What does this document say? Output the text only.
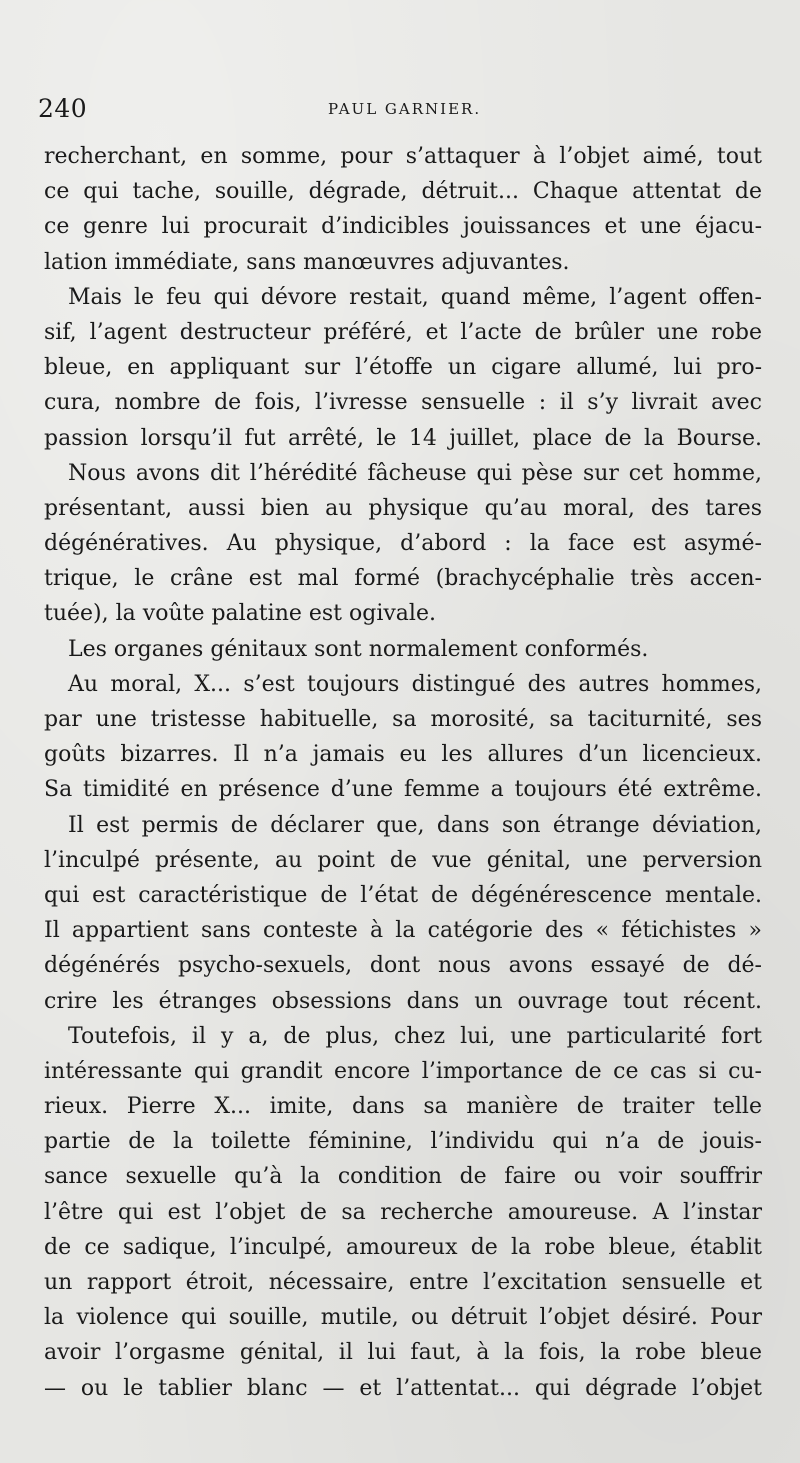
240	PAUL GARNIER.
recherchant, en somme, pour s’attaquer à l’objet aimé, tout
ce qui tache, souille, dégrade, détruit... Chaque attentat de
ce genre lui procurait d’indicibles jouissances et une éjacu-
lation immédiate, sans manœuvres adjuvantes.
Mais le feu qui dévore restait, quand même, l’agent offen-
sif, l’agent destructeur préféré, et l’acte de brûler une robe
bleue, en appliquant sur l’étoffe un cigare allumé, lui pro-
cura, nombre de fois, l’ivresse sensuelle : il s’y livrait avec
passion lorsqu’il fut arrêté, le 14 juillet, place de la Bourse.
Nous avons dit l’hérédité fâcheuse qui pèse sur cet homme,
présentant, aussi bien au physique qu’au moral, des tares
dégénératives. Au physique, d’abord : la face est asymé-
trique, le crâne est mal formé (brachycéphalie très accen-
tuée), la voûte palatine est ogivale.
Les organes génitaux sont normalement conformés.
Au moral, X... s’est toujours distingué des autres hommes,
par une tristesse habituelle, sa morosité, sa taciturnité, ses
goûts bizarres. Il n’a jamais eu les allures d’un licencieux.
Sa timidité en présence d’une femme a toujours été extrême.
Il est permis de déclarer que, dans son étrange déviation,
l’inculpé présente, au point de vue génital, une perversion
qui est caractéristique de l’état de dégénérescence mentale.
Il appartient sans conteste à la catégorie des « fétichistes »
dégénérés psycho-sexuels, dont nous avons essayé de dé-
crire les étranges obsessions dans un ouvrage tout récent.
Toutefois, il y a, de plus, chez lui, une particularité fort
intéressante qui grandit encore l’importance de ce cas si cu-
rieux. Pierre X... imite, dans sa manière de traiter telle
partie de la toilette féminine, l’individu qui n’a de jouis-
sance sexuelle qu’à la condition de faire ou voir souffrir
l’être qui est l’objet de sa recherche amoureuse. A l’instar
de ce sadique, l’inculpé, amoureux de la robe bleue, établit
un rapport étroit, nécessaire, entre l’excitation sensuelle et
la violence qui souille, mutile, ou détruit l’objet désiré. Pour
avoir l’orgasme génital, il lui faut, à la fois, la robe bleue
— ou le tablier blanc — et l’attentat... qui dégrade l’objet
